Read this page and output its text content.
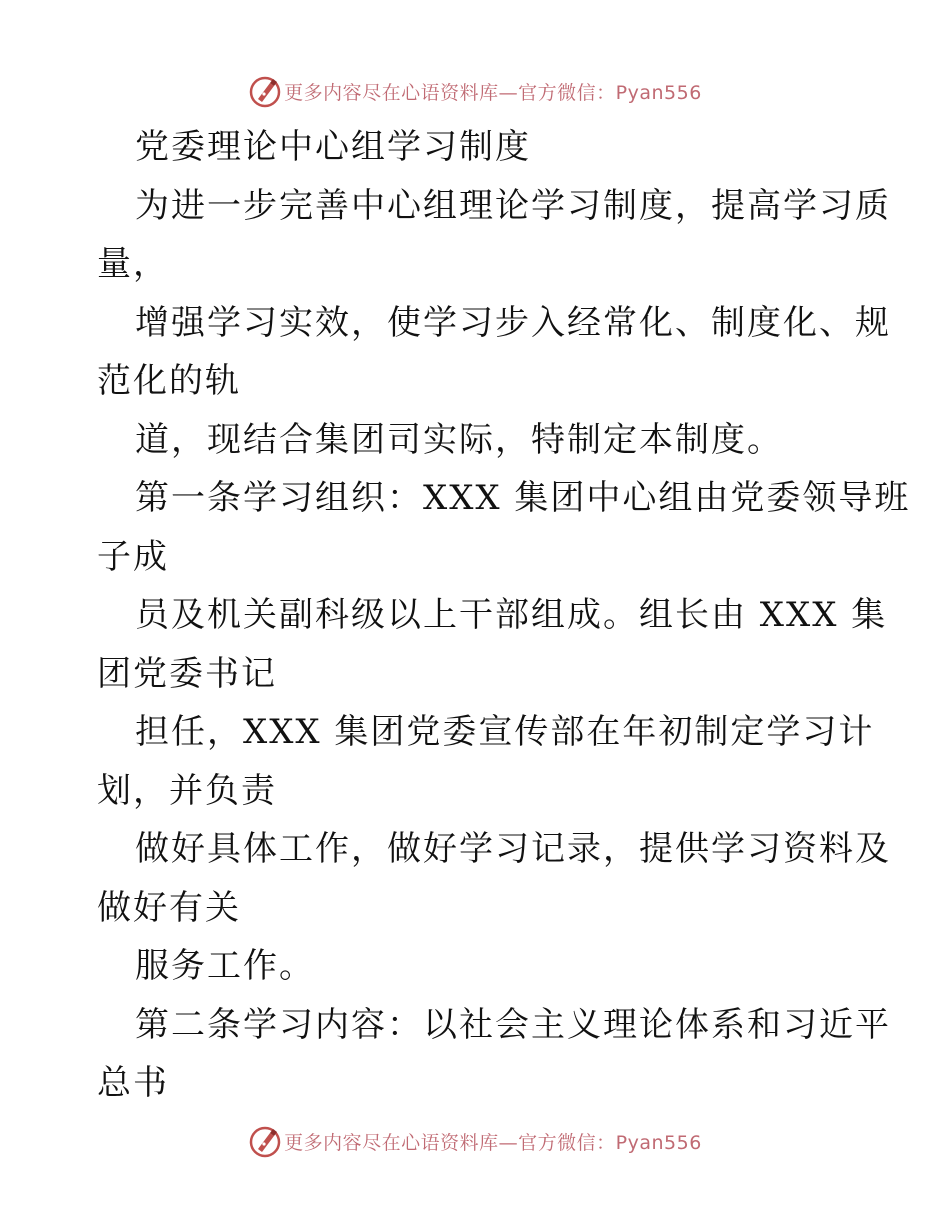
更多内容尽在心语资料库—官方微信：Pyan556
党委理论中心组学习制度
为进一步完善中心组理论学习制度，提高学习质
量，
增强学习实效，使学习步入经常化、制度化、规
范化的轨
道，现结合集团司实际，特制定本制度。
第一条学习组织：XXX 集团中心组由党委领导班
子成
员及机关副科级以上干部组成。组长由 XXX 集
团党委书记
担任，XXX 集团党委宣传部在年初制定学习计
划，并负责
做好具体工作，做好学习记录，提供学习资料及
做好有关
服务工作。
第二条学习内容：以社会主义理论体系和习近平
总书
更多内容尽在心语资料库—官方微信：Pyan556
